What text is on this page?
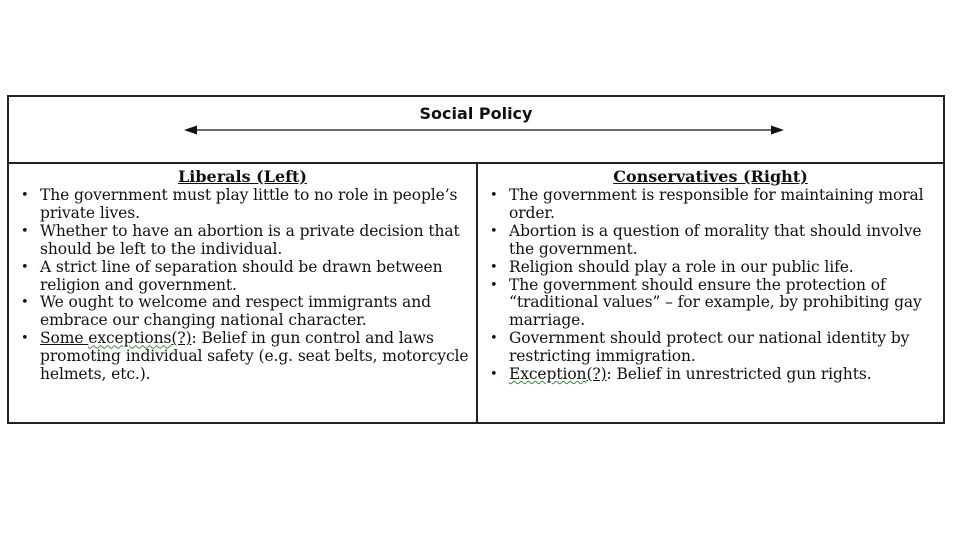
Social Policy
Liberals (Left)
• The government must play little to no role in people’s private lives.
• Whether to have an abortion is a private decision that should be left to the individual.
• A strict line of separation should be drawn between religion and government.
• We ought to welcome and respect immigrants and embrace our changing national character.
• Some exceptions(?): Belief in gun control and laws promoting individual safety (e.g. seat belts, motorcycle helmets, etc.).
Conservatives (Right)
• The government is responsible for maintaining moral order.
• Abortion is a question of morality that should involve the government.
• Religion should play a role in our public life.
• The government should ensure the protection of “traditional values” – for example, by prohibiting gay marriage.
• Government should protect our national identity by restricting immigration.
• Exception(?): Belief in unrestricted gun rights.
